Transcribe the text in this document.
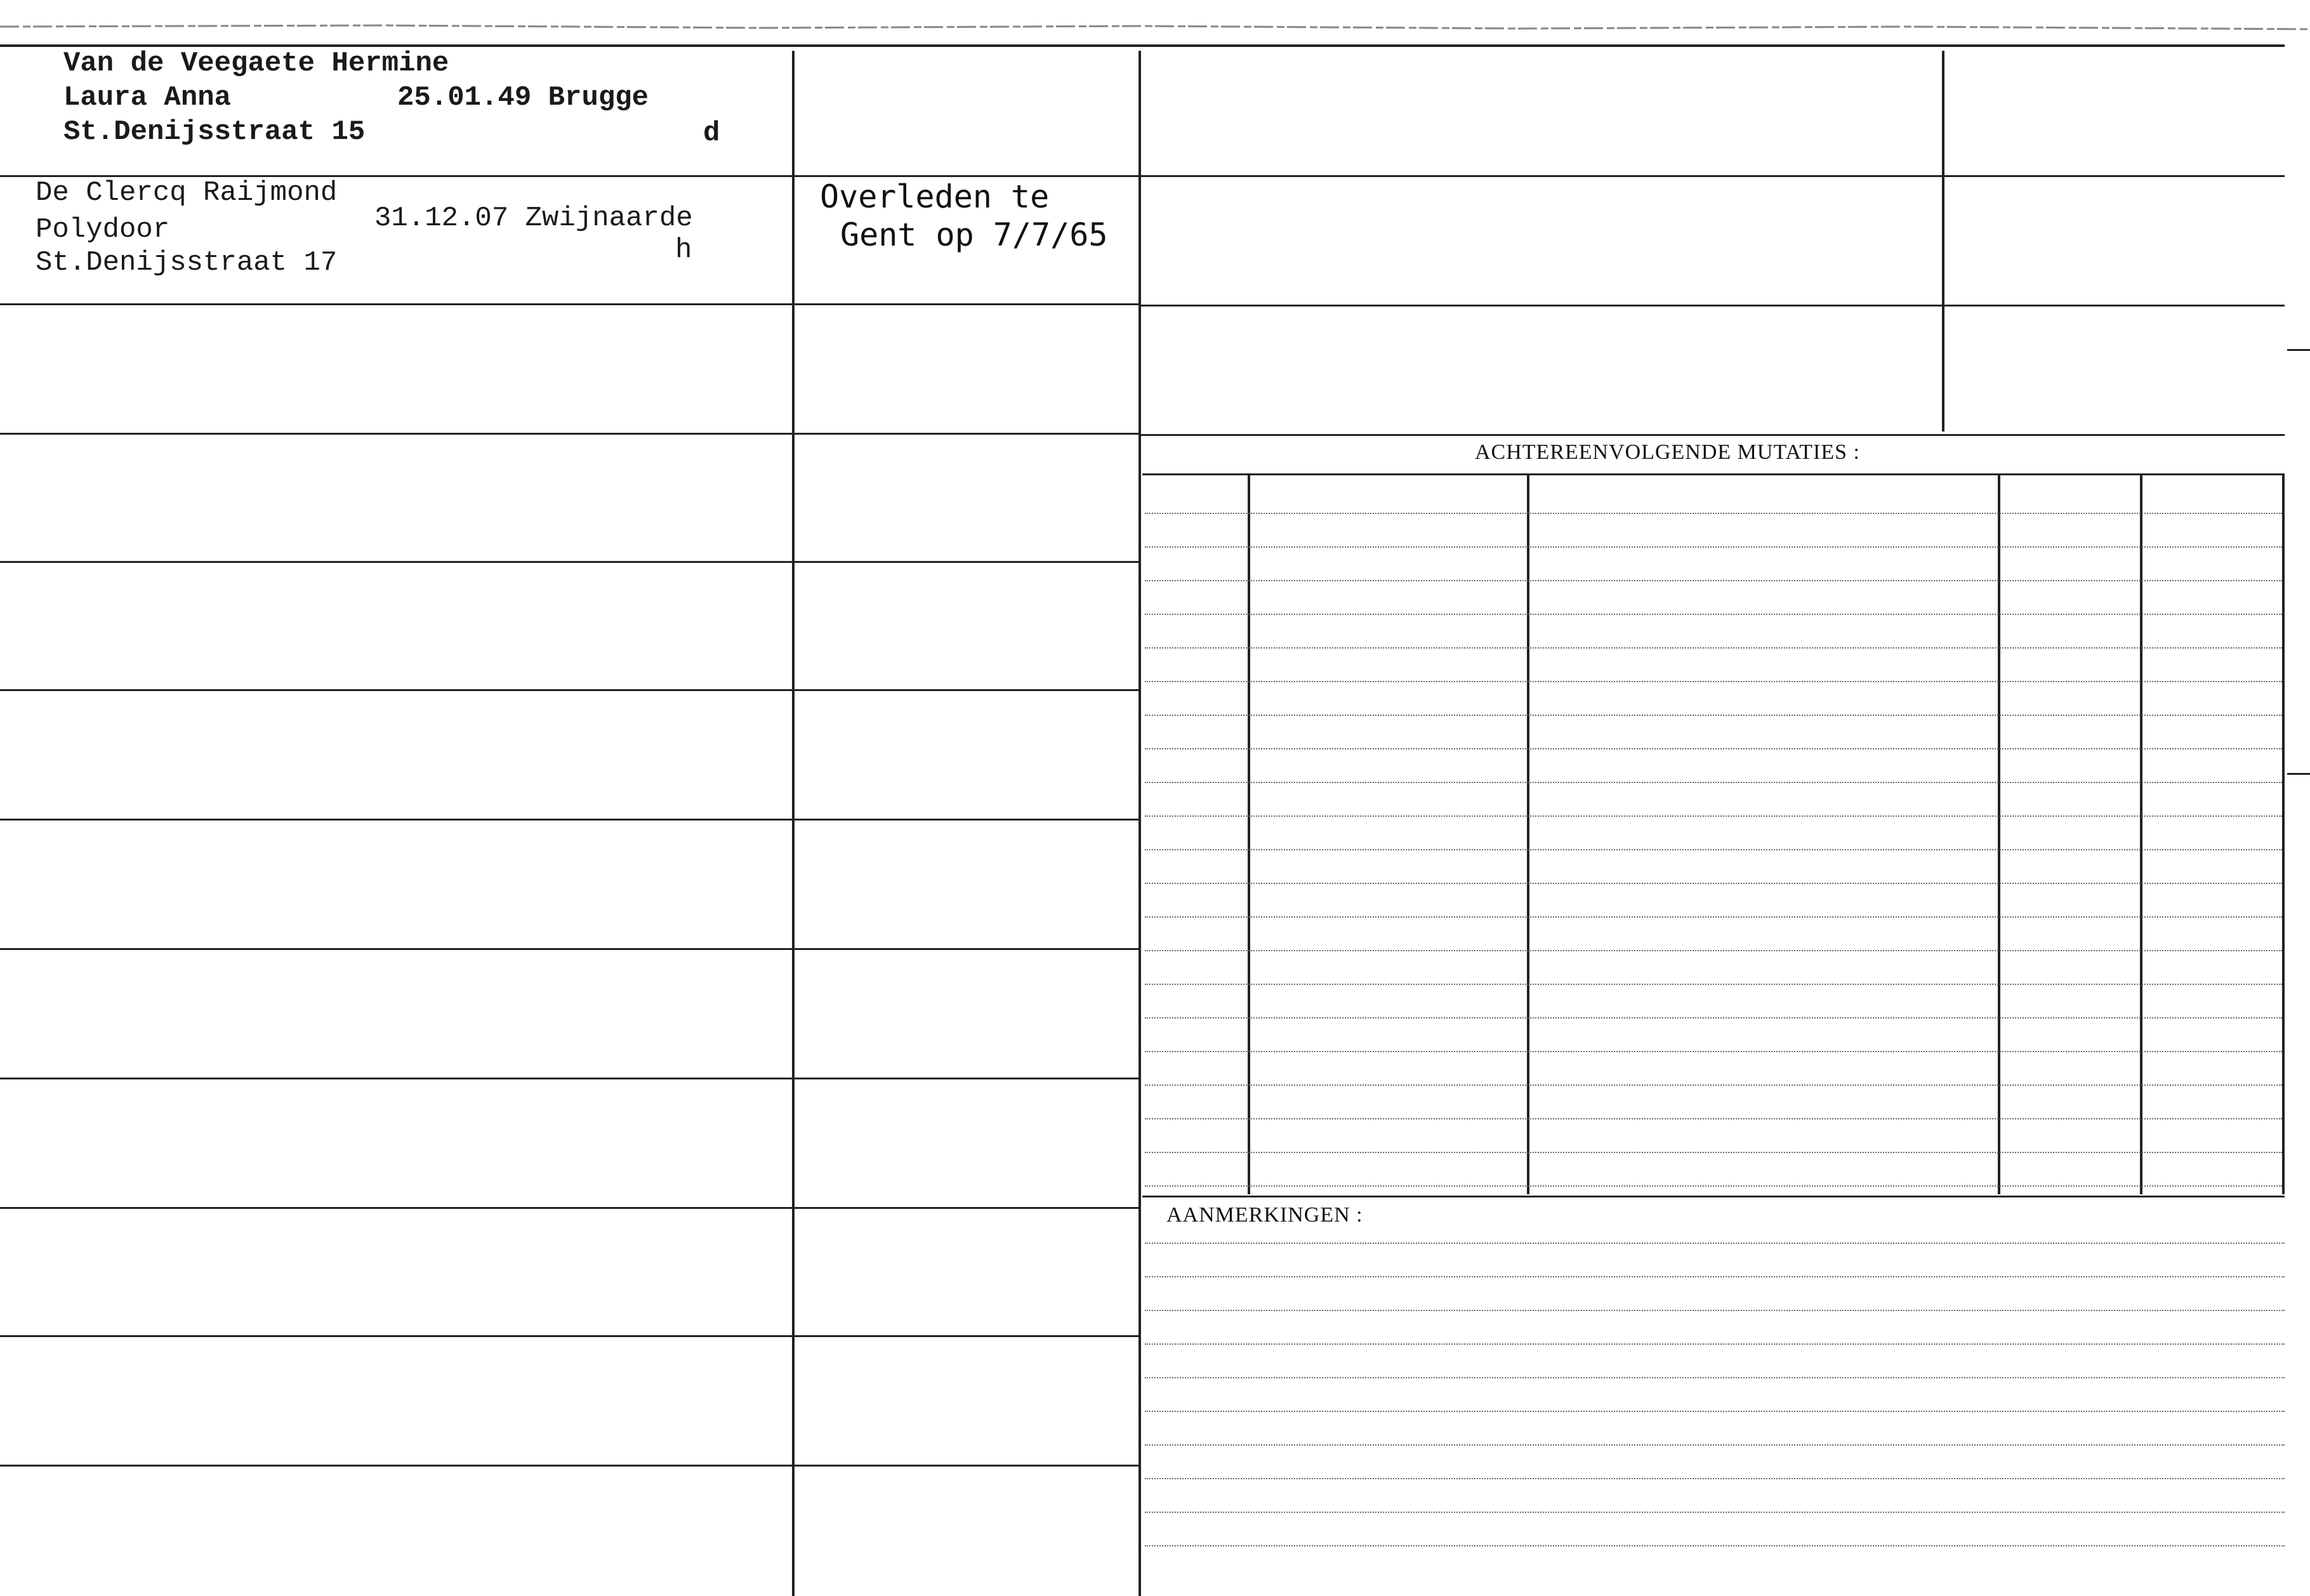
ACHTEREENVOLGENDE MUTATIES :
AANMERKINGEN :
Van de Veegaete Hermine
Laura Anna
St.Denijsstraat 15
25.01.49 Brugge
d
De Clercq Raijmond
Polydoor
St.Denijsstraat 17
31.12.07 Zwijnaarde
h
Overleden te
Gent op 7/7/65
